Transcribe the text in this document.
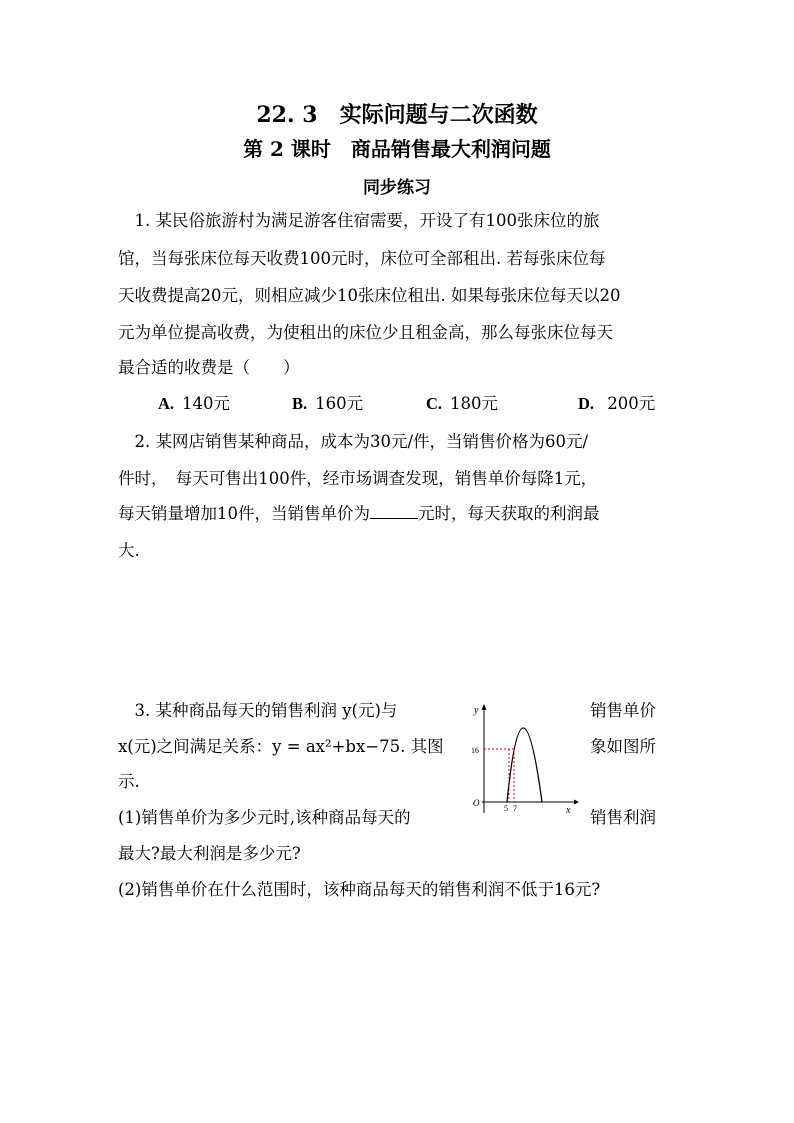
22. 3　实际问题与二次函数
第 2 课时　商品销售最大利润问题
同步练习
　1. 某民俗旅游村为满足游客住宿需要，开设了有100张床位的旅
馆，当每张床位每天收费100元时，床位可全部租出. 若每张床位每
天收费提高20元，则相应减少10张床位租出. 如果每张床位每天以20
元为单位提高收费，为使租出的床位少且租金高，那么每张床位每天
最合适的收费是（　　）
A. 140元	B. 160元	C. 180元	D. 200元
　2. 某网店销售某种商品，成本为30元/件，当销售价格为60元/
件时，　每天可售出100件，经市场调查发现，销售单价每降1元，
每天销量增加10件，当销售单价为	元时，每天获取的利润最
大.
　3. 某种商品每天的销售利润 y(元)与
x(元)之间满足关系：y = ax²+bx−75. 其图
示.
(1)销售单价为多少元时,该种商品每天的
最大?最大利润是多少元?
(2)销售单价在什么范围时，该种商品每天的销售利润不低于16元?
销售单价
象如图所
销售利润
y
x
O
16
5 7
